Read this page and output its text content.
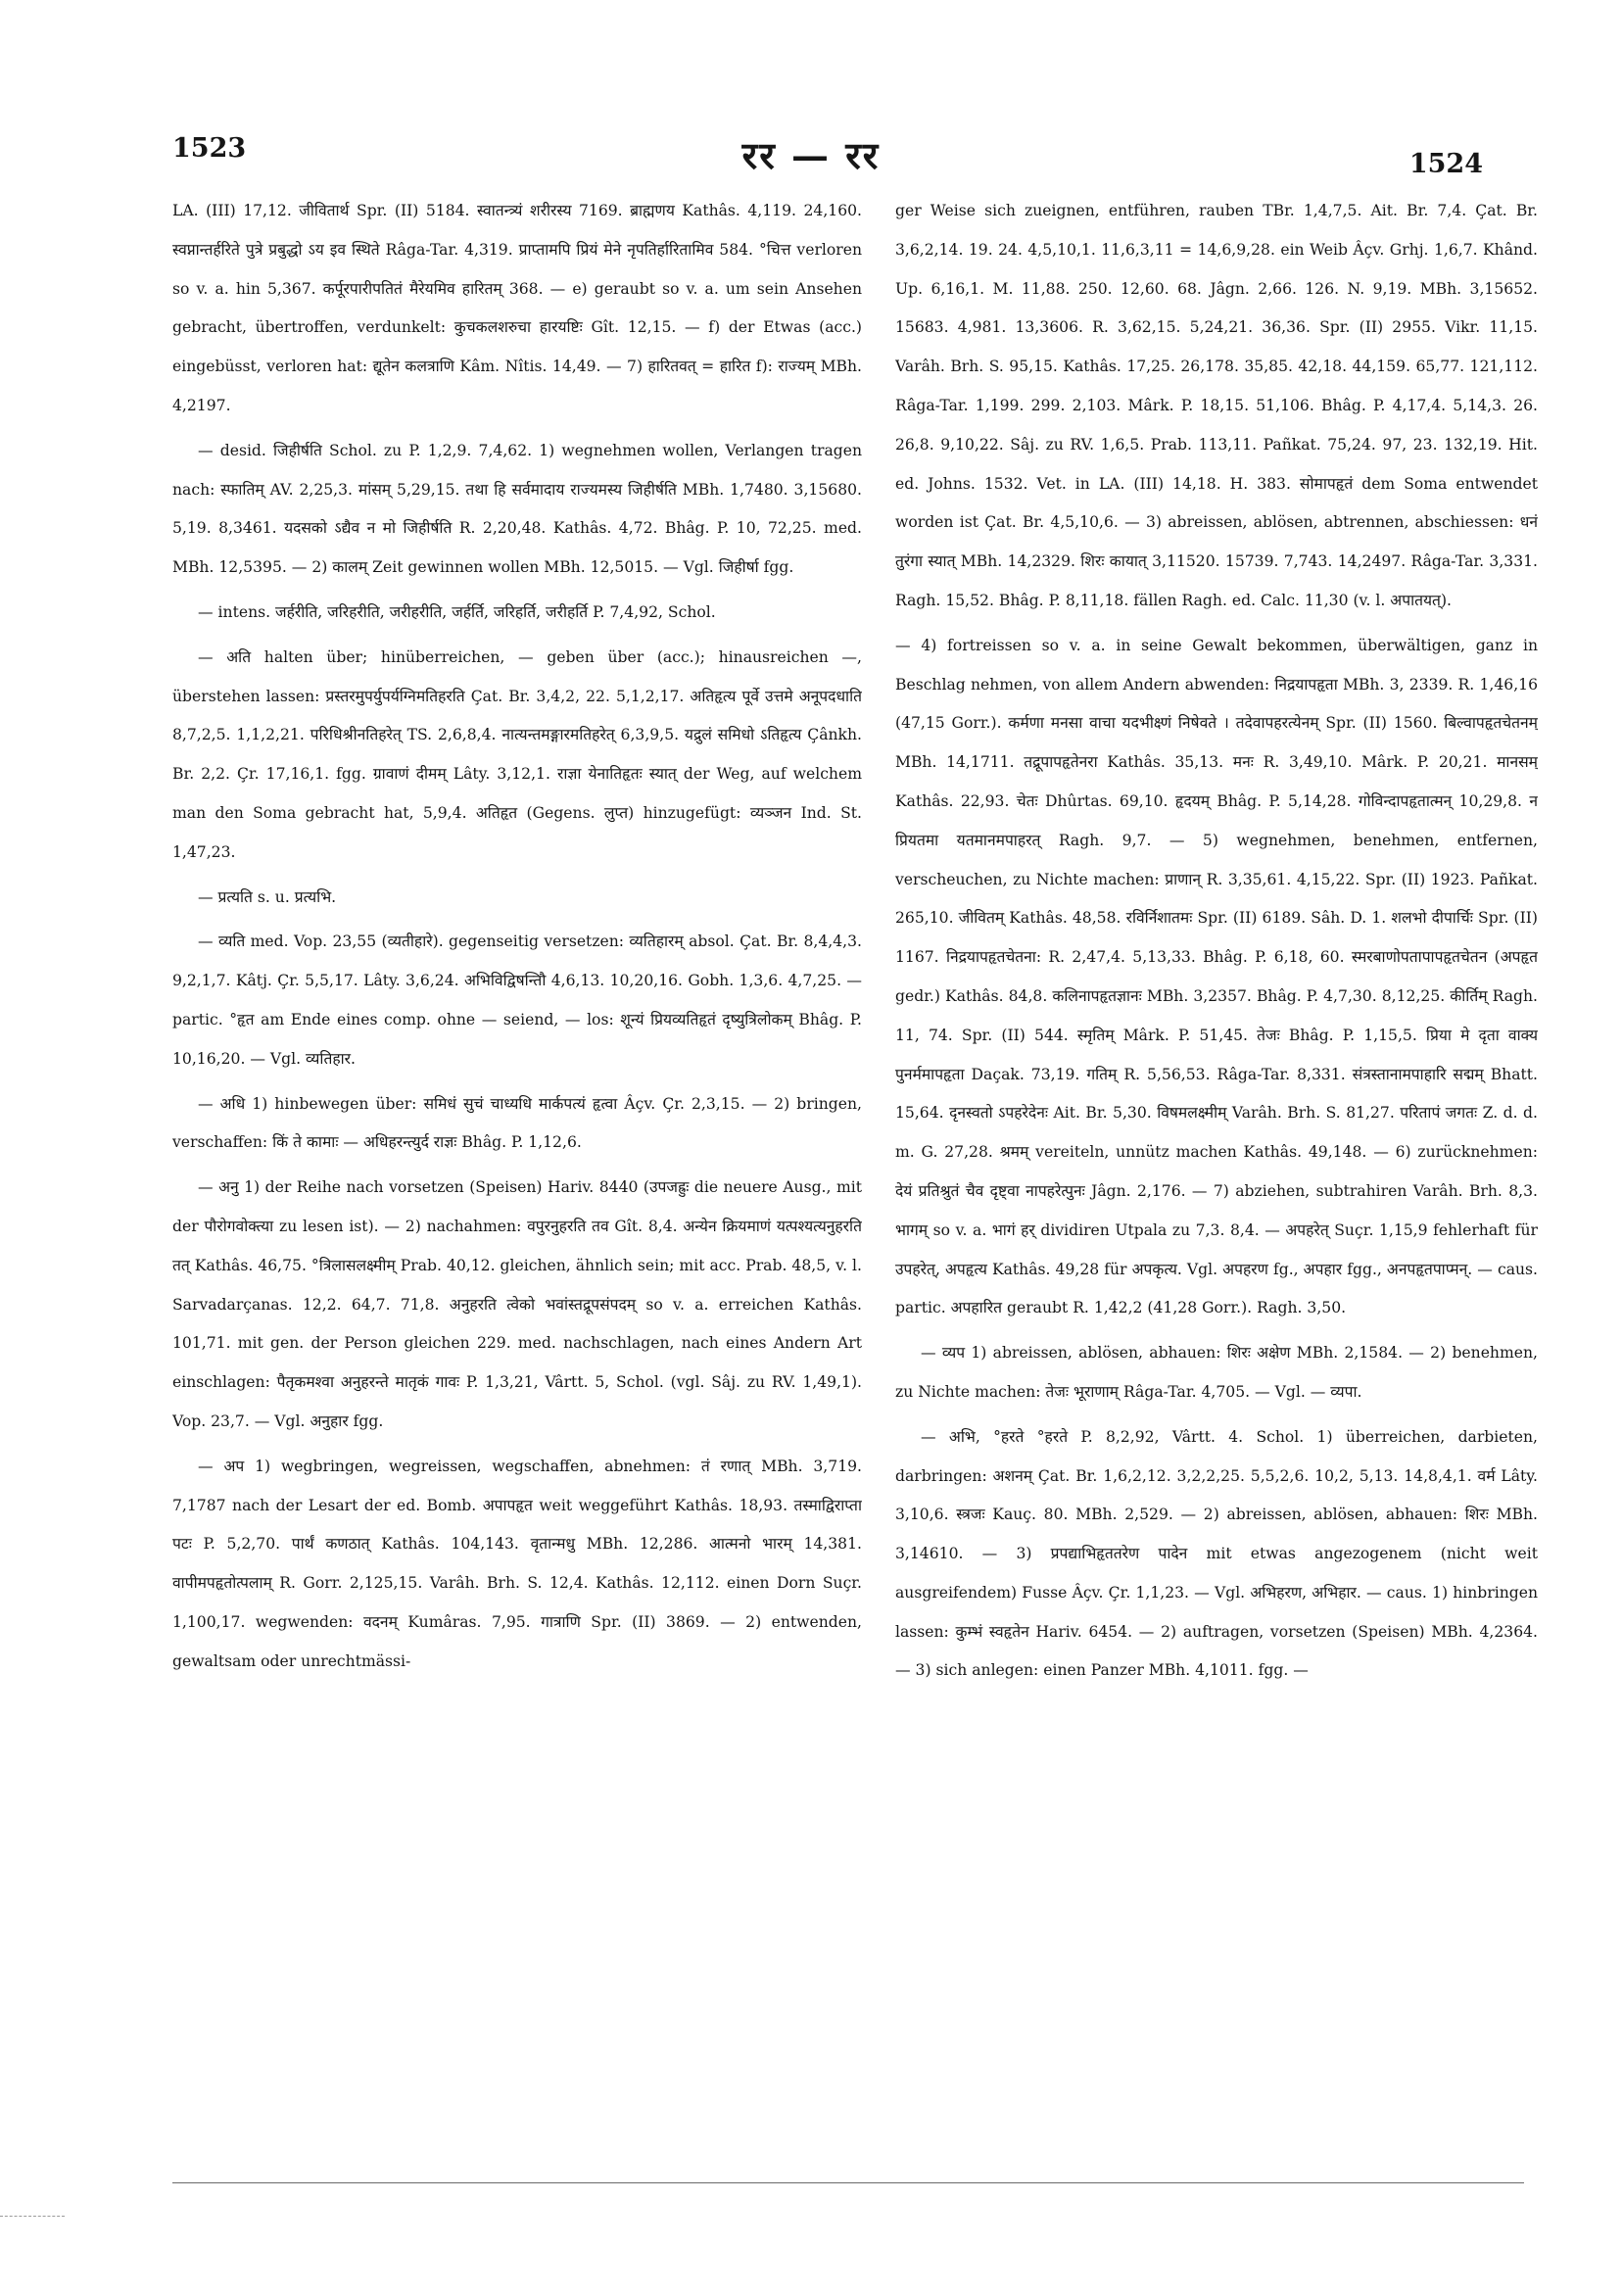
1523	रर — रर	1524

LA. (III) 17,12. जीवितार्थ Spr. (II) 5184. स्वातन्त्र्यं शरीरस्य 7169. ब्राह्मणय Kathâs. 4,119. 24,160. स्वप्नान्तर्हरिते पुत्रे प्रबुद्धो ऽय इव स्थिते Râga-Tar. 4,319. प्राप्तामपि प्रियं मेने नृपतिर्हारितामिव 584. °चित्त verloren so v. a. hin 5,367. कर्पूरपारीपतितं मैरेयमिव हारितम् 368. — e) geraubt so v. a. um sein Ansehen gebracht, übertroffen, verdunkelt: कुचकलशरुचा हारयष्टिः Gît. 12,15. — f) der Etwas (acc.) eingebüsst, verloren hat: द्यूतेन कलत्राणि Kâm. Nîtis. 14,49. — 7) हारितवत् = हारित f): राज्यम् MBh. 4,2197.

— desid. जिहीर्षति Schol. zu P. 1,2,9. 7,4,62. 1) wegnehmen wollen, Verlangen tragen nach: स्फातिम् AV. 2,25,3. मांसम् 5,29,15. तथा हि सर्वमादाय राज्यमस्य जिहीर्षति MBh. 1,7480. 3,15680. 5,19. 8,3461. यदसको ऽद्यैव न मो जिहीर्षति R. 2,20,48. Kathâs. 4,72. Bhâg. P. 10, 72,25. med. MBh. 12,5395. — 2) कालम् Zeit gewinnen wollen MBh. 12,5015. — Vgl. जिहीर्षा fgg.

— intens. जर्हरीति, जरिहरीति, जरीहरीति, जर्हर्ति, जरिहर्ति, जरीहर्ति P. 7,4,92, Schol.

— अति halten über; hinüberreichen, — geben über (acc.); hinausreichen —, überstehen lassen: प्रस्तरमुपर्युपर्यग्निमतिहरति Çat. Br. 3,4,2, 22. 5,1,2,17. अतिहृत्य पूर्वे उत्तमे अनूपदधाति 8,7,2,5. 1,1,2,21. परिधिश्रीनतिहरेत् TS. 2,6,8,4. नात्यन्तमङ्गारमतिहरेत् 6,3,9,5. यद्रुलं समिधो ऽतिहृत्य Çânkh. Br. 2,2. Çr. 17,16,1. fgg. ग्रावाणं दीमम् Lâty. 3,12,1. राज्ञा येनातिहृतः स्यात् der Weg, auf welchem man den Soma gebracht hat, 5,9,4. अतिहृत (Gegens. लुप्त) hinzugefügt: व्यञ्जन Ind. St. 1,47,23.

— प्रत्यति s. u. प्रत्यभि.

— व्यति med. Vop. 23,55 (व्यतीहारे). gegenseitig versetzen: व्यतिहारम् absol. Çat. Br. 8,4,4,3. 9,2,1,7. Kâtj. Çr. 5,5,17. Lâty. 3,6,24. अभिविद्विषन्तिौ 4,6,13. 10,20,16. Gobh. 1,3,6. 4,7,25. — partic. °हृत am Ende eines comp. ohne — seiend, — los: शून्यं प्रियव्यतिहृतं दृष्युत्रिलोकम् Bhâg. P. 10,16,20. — Vgl. व्यतिहार.

— अधि 1) hinbewegen über: समिधं सुचं चाध्यधि मार्कपत्यं हृत्वा Âçv. Çr. 2,3,15. — 2) bringen, verschaffen: किं ते कामाः — अधिहरन्त्युर्द राज्ञः Bhâg. P. 1,12,6.

— अनु 1) der Reihe nach vorsetzen (Speisen) Hariv. 8440 (उपजह्रुः die neuere Ausg., mit der पौरोगवोक्त्या zu lesen ist). — 2) nachahmen: वपुरनुहरति तव Gît. 8,4. अन्येन क्रियमाणं यत्पश्यत्यनुहरति तत् Kathâs. 46,75. °त्रिलासलक्ष्मीम् Prab. 40,12. gleichen, ähnlich sein; mit acc. Prab. 48,5, v. l. Sarvadarçanas. 12,2. 64,7. 71,8. अनुहरति त्वेको भवांस्तद्रूपसंपदम् so v. a. erreichen Kathâs. 101,71. mit gen. der Person gleichen 229. med. nachschlagen, nach eines Andern Art einschlagen: पैतृकमश्वा अनुहरन्ते मातृकं गावः P. 1,3,21, Vârtt. 5, Schol. (vgl. Sâj. zu RV. 1,49,1). Vop. 23,7. — Vgl. अनुहार fgg.

— अप 1) wegbringen, wegreissen, wegschaffen, abnehmen: तं रणात् MBh. 3,719. 7,1787 nach der Lesart der ed. Bomb. अपापहृत weit weggeführt Kathâs. 18,93. तस्माद्विराप्ता पटः P. 5,2,70. पार्थं कणठात् Kathâs. 104,143. वृतान्मधु MBh. 12,286. आत्मनो भारम् 14,381. वापीमपहृतोत्पलाम् R. Gorr. 2,125,15. Varâh. Brh. S. 12,4. Kathâs. 12,112. einen Dorn Suçr. 1,100,17. wegwenden: वदनम् Kumâras. 7,95. गात्राणि Spr. (II) 3869. — 2) entwenden, gewaltsam oder unrechtmässi-

ger Weise sich zueignen, entführen, rauben TBr. 1,4,7,5. Ait. Br. 7,4. Çat. Br. 3,6,2,14. 19. 24. 4,5,10,1. 11,6,3,11 = 14,6,9,28. ein Weib Âçv. Grhj. 1,6,7. Khând. Up. 6,16,1. M. 11,88. 250. 12,60. 68. Jâgn. 2,66. 126. N. 9,19. MBh. 3,15652. 15683. 4,981. 13,3606. R. 3,62,15. 5,24,21. 36,36. Spr. (II) 2955. Vikr. 11,15. Varâh. Brh. S. 95,15. Kathâs. 17,25. 26,178. 35,85. 42,18. 44,159. 65,77. 121,112. Râga-Tar. 1,199. 299. 2,103. Mârk. P. 18,15. 51,106. Bhâg. P. 4,17,4. 5,14,3. 26. 26,8. 9,10,22. Sâj. zu RV. 1,6,5. Prab. 113,11. Pañkat. 75,24. 97, 23. 132,19. Hit. ed. Johns. 1532. Vet. in LA. (III) 14,18. H. 383. सोमापहृतं dem Soma entwendet worden ist Çat. Br. 4,5,10,6. — 3) abreissen, ablösen, abtrennen, abschiessen: धनं तुरंगा स्यात् MBh. 14,2329. शिरः कायात् 3,11520. 15739. 7,743. 14,2497. Râga-Tar. 3,331. Ragh. 15,52. Bhâg. P. 8,11,18. fällen Ragh. ed. Calc. 11,30 (v. l. अपातयत्).

— 4) fortreissen so v. a. in seine Gewalt bekommen, überwältigen, ganz in Beschlag nehmen, von allem Andern abwenden: निद्रयापहृता MBh. 3, 2339. R. 1,46,16 (47,15 Gorr.). कर्मणा मनसा वाचा यदभीक्ष्णं निषेवते । तदेवापहरत्येनम् Spr. (II) 1560. बिल्वापहृतचेतनम् MBh. 14,1711. तद्रूपापहृतेनरा Kathâs. 35,13. मनः R. 3,49,10. Mârk. P. 20,21. मानसम् Kathâs. 22,93. चेतः Dhûrtas. 69,10. हृदयम् Bhâg. P. 5,14,28. गोविन्दापहृतात्मन् 10,29,8. न प्रियतमा यतमानमपाहरत् Ragh. 9,7. — 5) wegnehmen, benehmen, entfernen, verscheuchen, zu Nichte machen: प्राणान् R. 3,35,61. 4,15,22. Spr. (II) 1923. Pañkat. 265,10. जीवितम् Kathâs. 48,58. रविर्निशातमः Spr. (II) 6189. Sâh. D. 1. शलभो दीपार्चिः Spr. (II) 1167. निद्रयापहृतचेतना: R. 2,47,4. 5,13,33. Bhâg. P. 6,18, 60. स्मरबाणोपतापापहृतचेतन (अपहृत gedr.) Kathâs. 84,8. कलिनापहृतज्ञानः MBh. 3,2357. Bhâg. P. 4,7,30. 8,12,25. कीर्तिम् Ragh. 11, 74. Spr. (II) 544. स्मृतिम् Mârk. P. 51,45. तेजः Bhâg. P. 1,15,5. प्रिया मे दृता वाक्य पुनर्ममापहृता Daçak. 73,19. गतिम् R. 5,56,53. Râga-Tar. 8,331. संत्रस्तानामपाहारि सद्मम् Bhatt. 15,64. दृनस्वतो ऽपहरेदेनः Ait. Br. 5,30. विषमलक्ष्मीम् Varâh. Brh. S. 81,27. परितापं जगतः Z. d. d. m. G. 27,28. श्रमम् vereiteln, unnütz machen Kathâs. 49,148. — 6) zurücknehmen: देयं प्रतिश्रुतं चैव दृष्ट्वा नापहरेत्पुनः Jâgn. 2,176. — 7) abziehen, subtrahiren Varâh. Brh. 8,3. भागम् so v. a. भागं हर् dividiren Utpala zu 7,3. 8,4. — अपहरेत् Suçr. 1,15,9 fehlerhaft für उपहरेत्, अपहृत्य Kathâs. 49,28 für अपकृत्य. Vgl. अपहरण fg., अपहार fgg., अनपहृतपाप्मन्. — caus. partic. अपहारित geraubt R. 1,42,2 (41,28 Gorr.). Ragh. 3,50.

— व्यप 1) abreissen, ablösen, abhauen: शिरः अक्षेण MBh. 2,1584. — 2) benehmen, zu Nichte machen: तेजः भूराणाम् Râga-Tar. 4,705. — Vgl. — व्यपा.

— अभि, °हरते °हरते P. 8,2,92, Vârtt. 4. Schol. 1) überreichen, darbieten, darbringen: अशनम् Çat. Br. 1,6,2,12. 3,2,2,25. 5,5,2,6. 10,2, 5,13. 14,8,4,1. वर्म Lâty. 3,10,6. स्त्रजः Kauç. 80. MBh. 2,529. — 2) abreissen, ablösen, abhauen: शिरः MBh. 3,14610. — 3) प्रपद्याभिहृततरेण पादेन mit etwas angezogenem (nicht weit ausgreifendem) Fusse Âçv. Çr. 1,1,23. — Vgl. अभिहरण, अभिहार. — caus. 1) hinbringen lassen: कुम्भं स्वहृतेन Hariv. 6454. — 2) auftragen, vorsetzen (Speisen) MBh. 4,2364. — 3) sich anlegen: einen Panzer MBh. 4,1011. fgg. —
